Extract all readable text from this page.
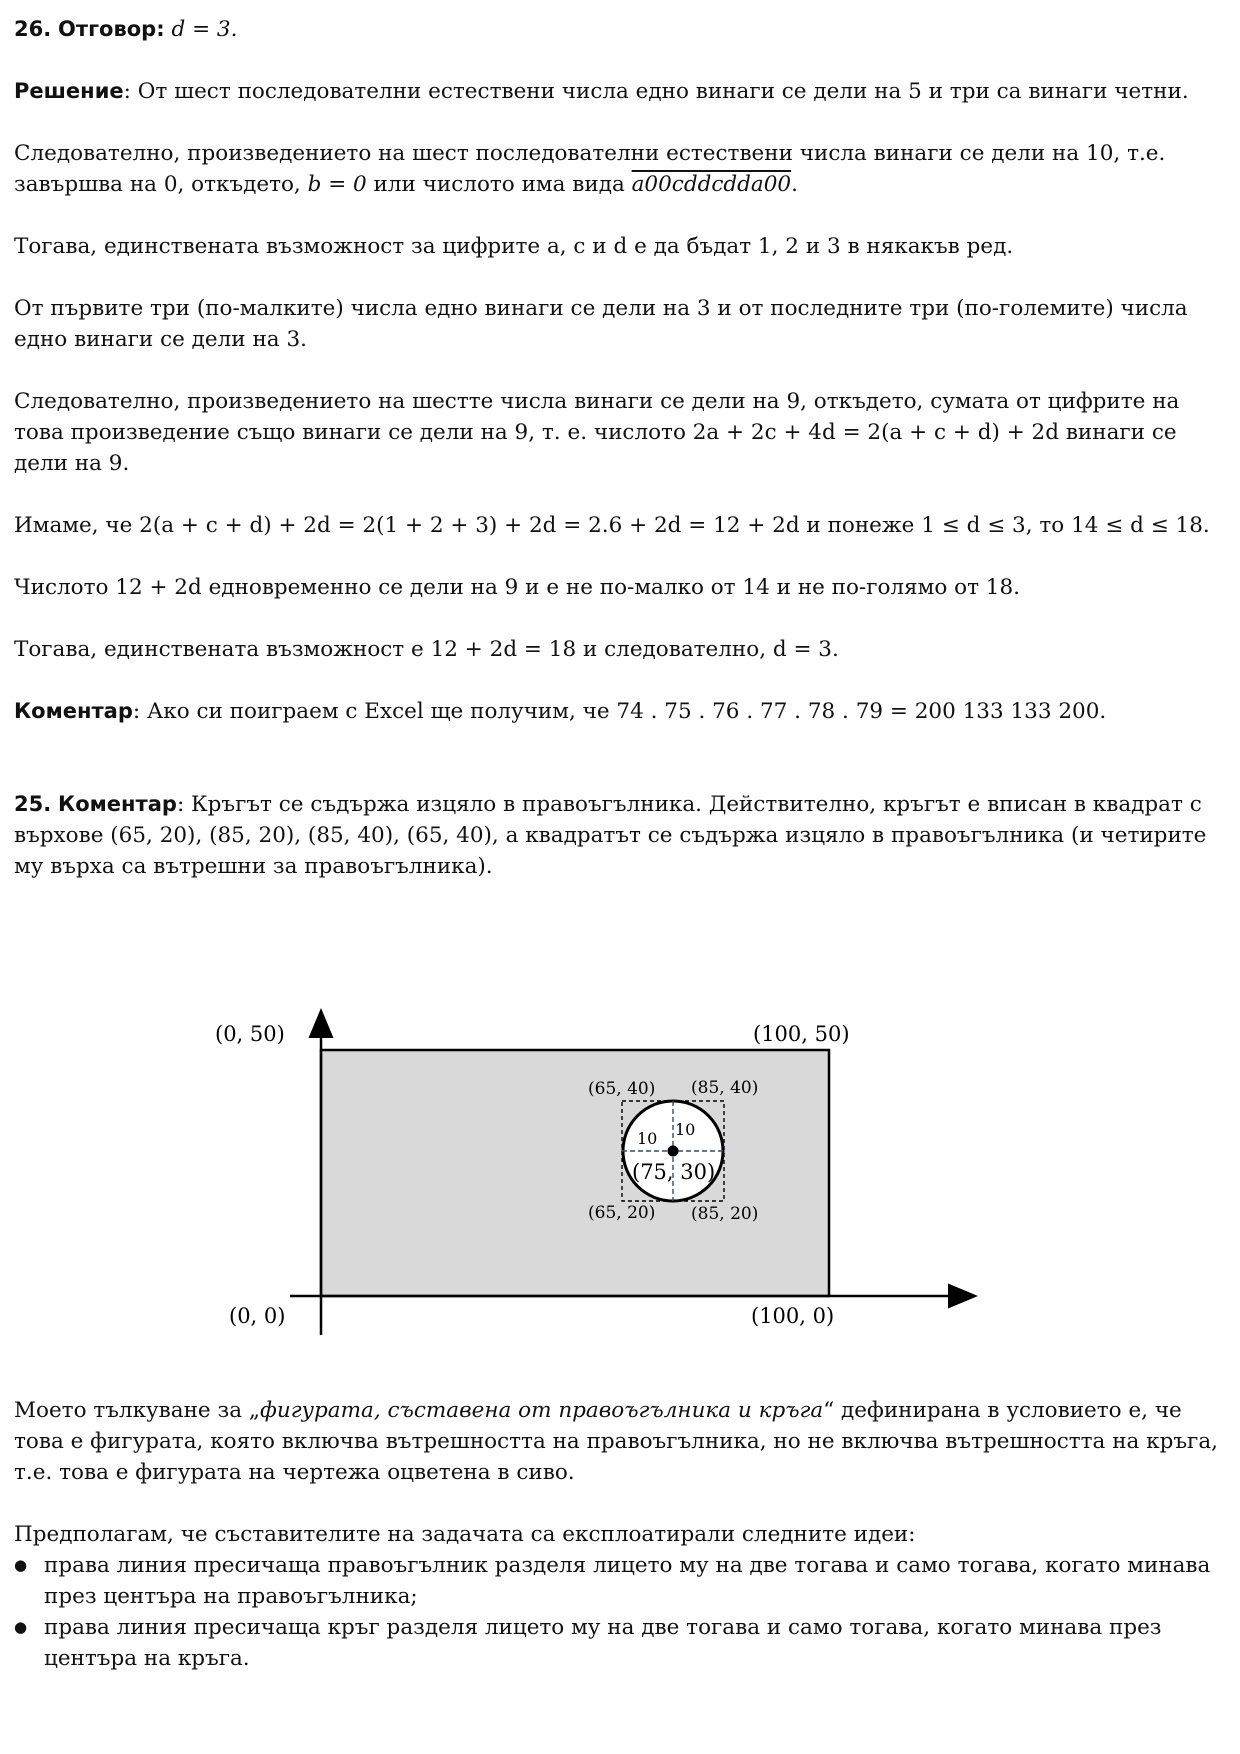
26. Отговор: d = 3.

Решение: От шест последователни естествени числа едно винаги се дели на 5 и три са винаги четни.

Следователно, произведението на шест последователни естествени числа винаги се дели на 10, т.е. завършва на 0, откъдето, b = 0 или числото има вида a00cddcdda00.

Тогава, единствената възможност за цифрите a, c и d е да бъдат 1, 2 и 3 в някакъв ред.

От първите три (по-малките) числа едно винаги се дели на 3 и от последните три (по-големите) числа едно винаги се дели на 3.

Следователно, произведението на шестте числа винаги се дели на 9, откъдето, сумата от цифрите на това произведение също винаги се дели на 9, т. е. числото 2a + 2c + 4d = 2(a + c + d) + 2d винаги се дели на 9.

Имаме, че 2(a + c + d) + 2d = 2(1 + 2 + 3) + 2d = 2.6 + 2d = 12 + 2d и понеже 1 ≤ d ≤ 3, то 14 ≤ d ≤ 18.

Числото 12 + 2d едновременно се дели на 9 и е не по-малко от 14 и не по-голямо от 18.

Тогава, единствената възможност е 12 + 2d = 18 и следователно, d = 3.

Коментар: Ако си поиграем с Excel ще получим, че 74 . 75 . 76 . 77 . 78 . 79 = 200 133 133 200.

25. Коментар: Кръгът се съдържа изцяло в правоъгълника. Действително, кръгът е вписан в квадрат с върхове (65, 20), (85, 20), (85, 40), (65, 40), а квадратът се съдържа изцяло в правоъгълника (и четирите му върха са вътрешни за правоъгълника).

(0, 50)	(100, 50)
(0, 0)	(100, 0)
(65, 40) (85, 40)
(65, 20) (85, 20)
(75, 30)
10 10

Моето тълкуване за „фигурата, съставена от правоъгълника и кръга“ дефинирана в условието е, че това е фигурата, която включва вътрешността на правоъгълника, но не включва вътрешността на кръга, т.е. това е фигурата на чертежа оцветена в сиво.

Предполагам, че съставителите на задачата са експлоатирали следните идеи:

● права линия пресичаща правоъгълник разделя лицето му на две тогава и само тогава, когато минава през центъра на правоъгълника;
● права линия пресичаща кръг разделя лицето му на две тогава и само тогава, когато минава през центъра на кръга.
